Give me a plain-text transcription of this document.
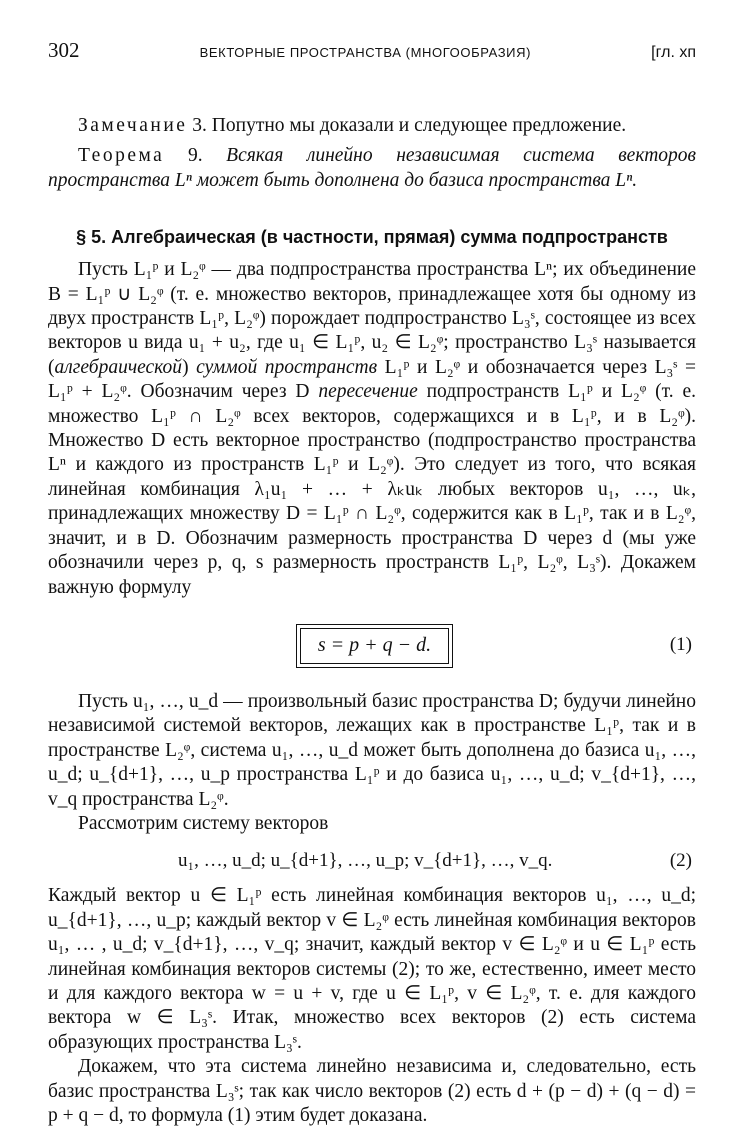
302	ВЕКТОРНЫЕ ПРОСТРАНСТВА (МНОГООБРАЗИЯ)	[гл. хп

Замечание 3. Попутно мы доказали и следующее предложение.

Теорема 9. Всякая линейно независимая система векторов пространства Lⁿ может быть дополнена до базиса пространства Lⁿ.

§ 5. Алгебраическая (в частности, прямая) сумма подпространств

Пусть L₁ᵖ и L₂ᵠ — два подпространства пространства Lⁿ; их объединение B = L₁ᵖ ∪ L₂ᵠ (т. е. множество векторов, принадлежащее хотя бы одному из двух пространств L₁ᵖ, L₂ᵠ) порождает подпространство L₃ˢ, состоящее из всех векторов u вида u₁ + u₂, где u₁ ∈ L₁ᵖ, u₂ ∈ L₂ᵠ; пространство L₃ˢ называется (алгебраической) суммой пространств L₁ᵖ и L₂ᵠ и обозначается через L₃ˢ = L₁ᵖ + L₂ᵠ. Обозначим через D пересечение подпространств L₁ᵖ и L₂ᵠ (т. е. множество L₁ᵖ ∩ L₂ᵠ всех векторов, содержащихся и в L₁ᵖ, и в L₂ᵠ). Множество D есть векторное пространство (подпространство пространства Lⁿ и каждого из пространств L₁ᵖ и L₂ᵠ). Это следует из того, что всякая линейная комбинация λ₁u₁ + … + λₖuₖ любых векторов u₁, …, uₖ, принадлежащих множеству D = L₁ᵖ ∩ L₂ᵠ, содержится как в L₁ᵖ, так и в L₂ᵠ, значит, и в D. Обозначим размерность пространства D через d (мы уже обозначили через p, q, s размерность пространств L₁ᵖ, L₂ᵠ, L₃ˢ). Докажем важную формулу

s = p + q − d.	(1)

Пусть u₁, …, u_d — произвольный базис пространства D; будучи линейно независимой системой векторов, лежащих как в пространстве L₁ᵖ, так и в пространстве L₂ᵠ, система u₁, …, u_d может быть дополнена до базиса u₁, …, u_d; u_{d+1}, …, u_p пространства L₁ᵖ и до базиса u₁, …, u_d; v_{d+1}, …, v_q пространства L₂ᵠ.

Рассмотрим систему векторов

u₁, …, u_d; u_{d+1}, …, u_p; v_{d+1}, …, v_q.	(2)

Каждый вектор u ∈ L₁ᵖ есть линейная комбинация векторов u₁, …, u_d; u_{d+1}, …, u_p; каждый вектор v ∈ L₂ᵠ есть линейная комбинация векторов u₁, … , u_d; v_{d+1}, …, v_q; значит, каждый вектор v ∈ L₂ᵠ и u ∈ L₁ᵖ есть линейная комбинация векторов системы (2); то же, естественно, имеет место и для каждого вектора w = u + v, где u ∈ L₁ᵖ, v ∈ L₂ᵠ, т. е. для каждого вектора w ∈ L₃ˢ. Итак, множество всех векторов (2) есть система образующих пространства L₃ˢ.

Докажем, что эта система линейно независима и, следовательно, есть базис пространства L₃ˢ; так как число векторов (2) есть d + (p − d) + (q − d) = p + q − d, то формула (1) этим будет доказана.
